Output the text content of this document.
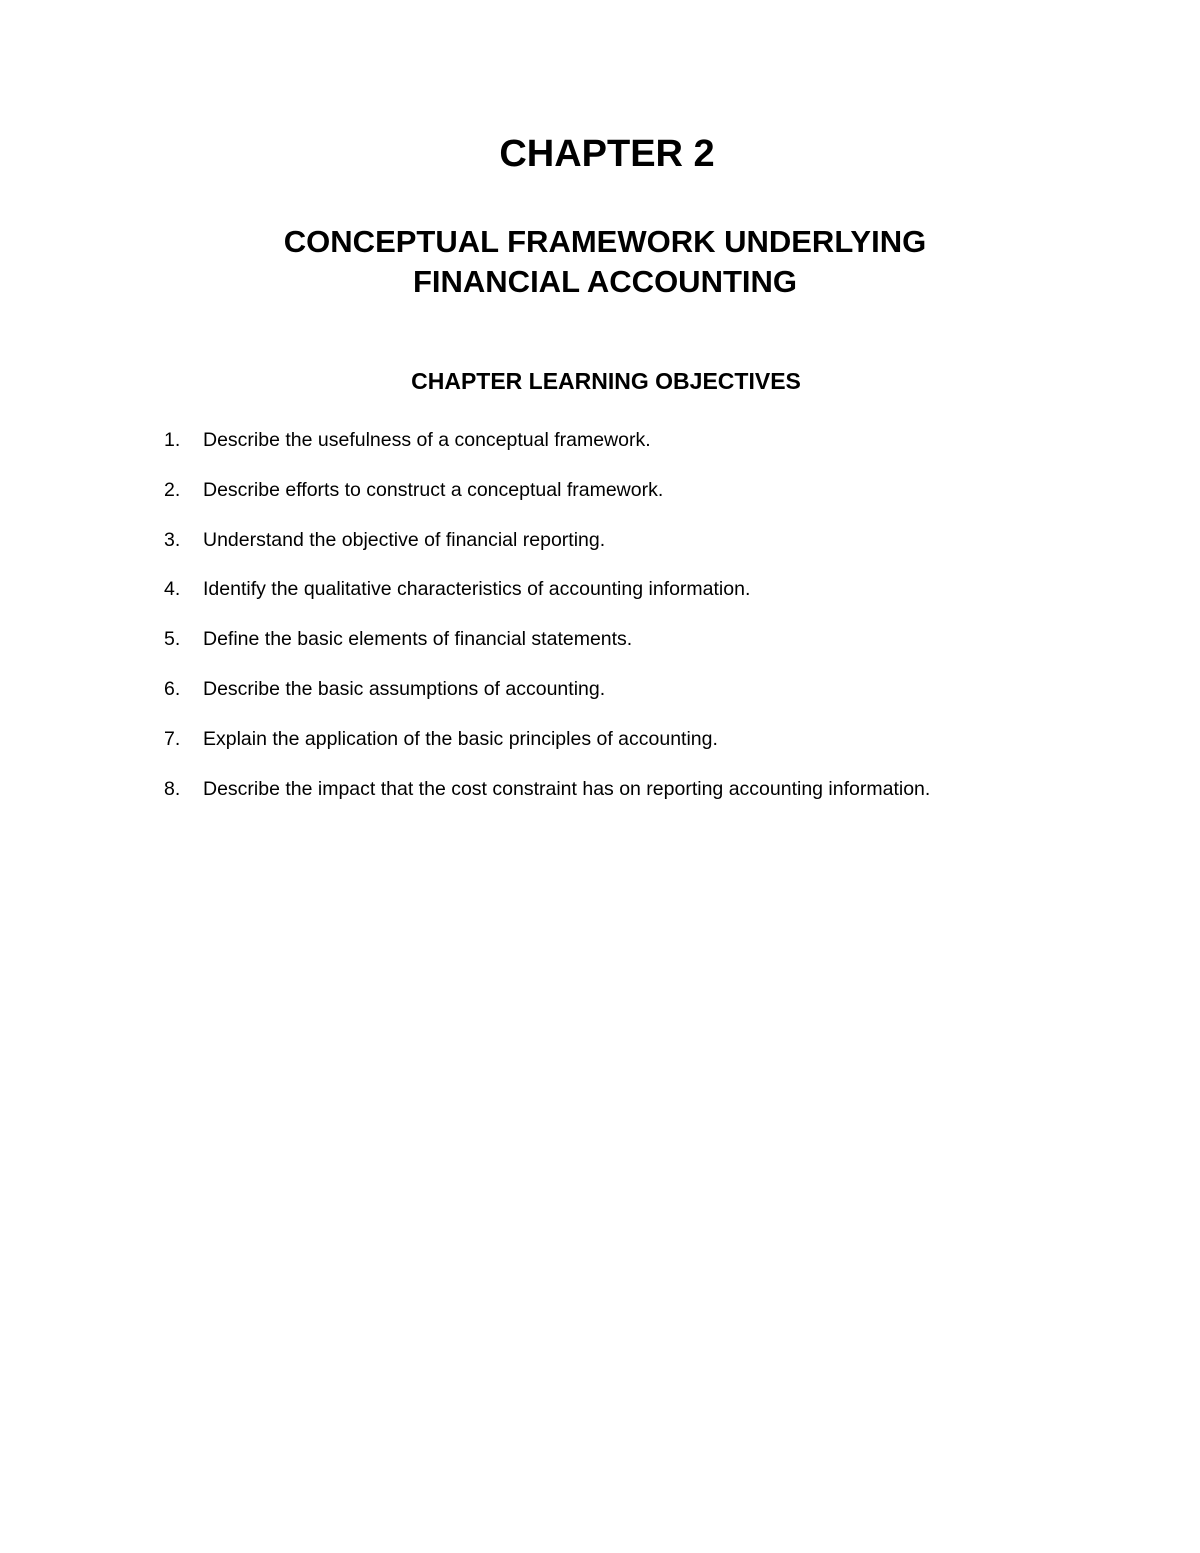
CHAPTER 2
CONCEPTUAL FRAMEWORK UNDERLYING
FINANCIAL ACCOUNTING
CHAPTER LEARNING OBJECTIVES
1.	Describe the usefulness of a conceptual framework.
2.	Describe efforts to construct a conceptual framework.
3.	Understand the objective of financial reporting.
4.	Identify the qualitative characteristics of accounting information.
5.	Define the basic elements of financial statements.
6.	Describe the basic assumptions of accounting.
7.	Explain the application of the basic principles of accounting.
8.	Describe the impact that the cost constraint has on reporting accounting information.
